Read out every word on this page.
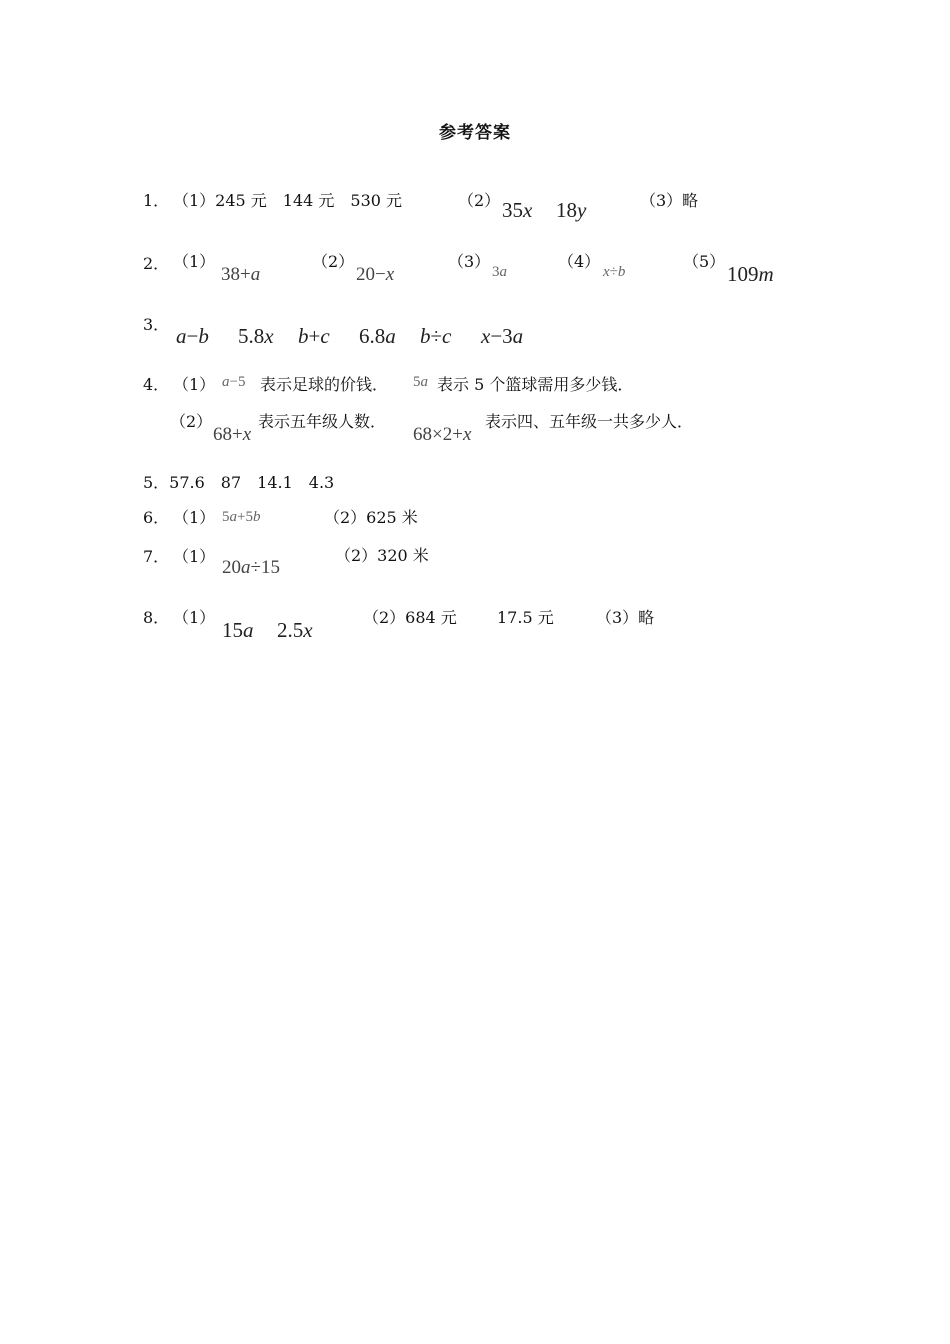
参考答案
1． （1）245 元　144 元　530 元	（2） 35x 18y	（3）略
2． （1）
38+a
（2）
20−x
（3）
3a
（4）
x÷b
（5）
109m
3． a−b 5.8x b+c 6.8a b÷c x−3a
4． （1） a−5 表示足球的价钱． 5a 表示 5 个篮球需用多少钱．
（2）
68+x
表示五年级人数．
68×2+x
表示四、五年级一共多少人．
5．57.6　87　14.1　4.3
6． （1） 5a+5b	（2）625 米
7． （1）
20a÷15
（2）320 米
8． （1）
15a 2.5x
（2）684 元	17.5 元	（3）略
